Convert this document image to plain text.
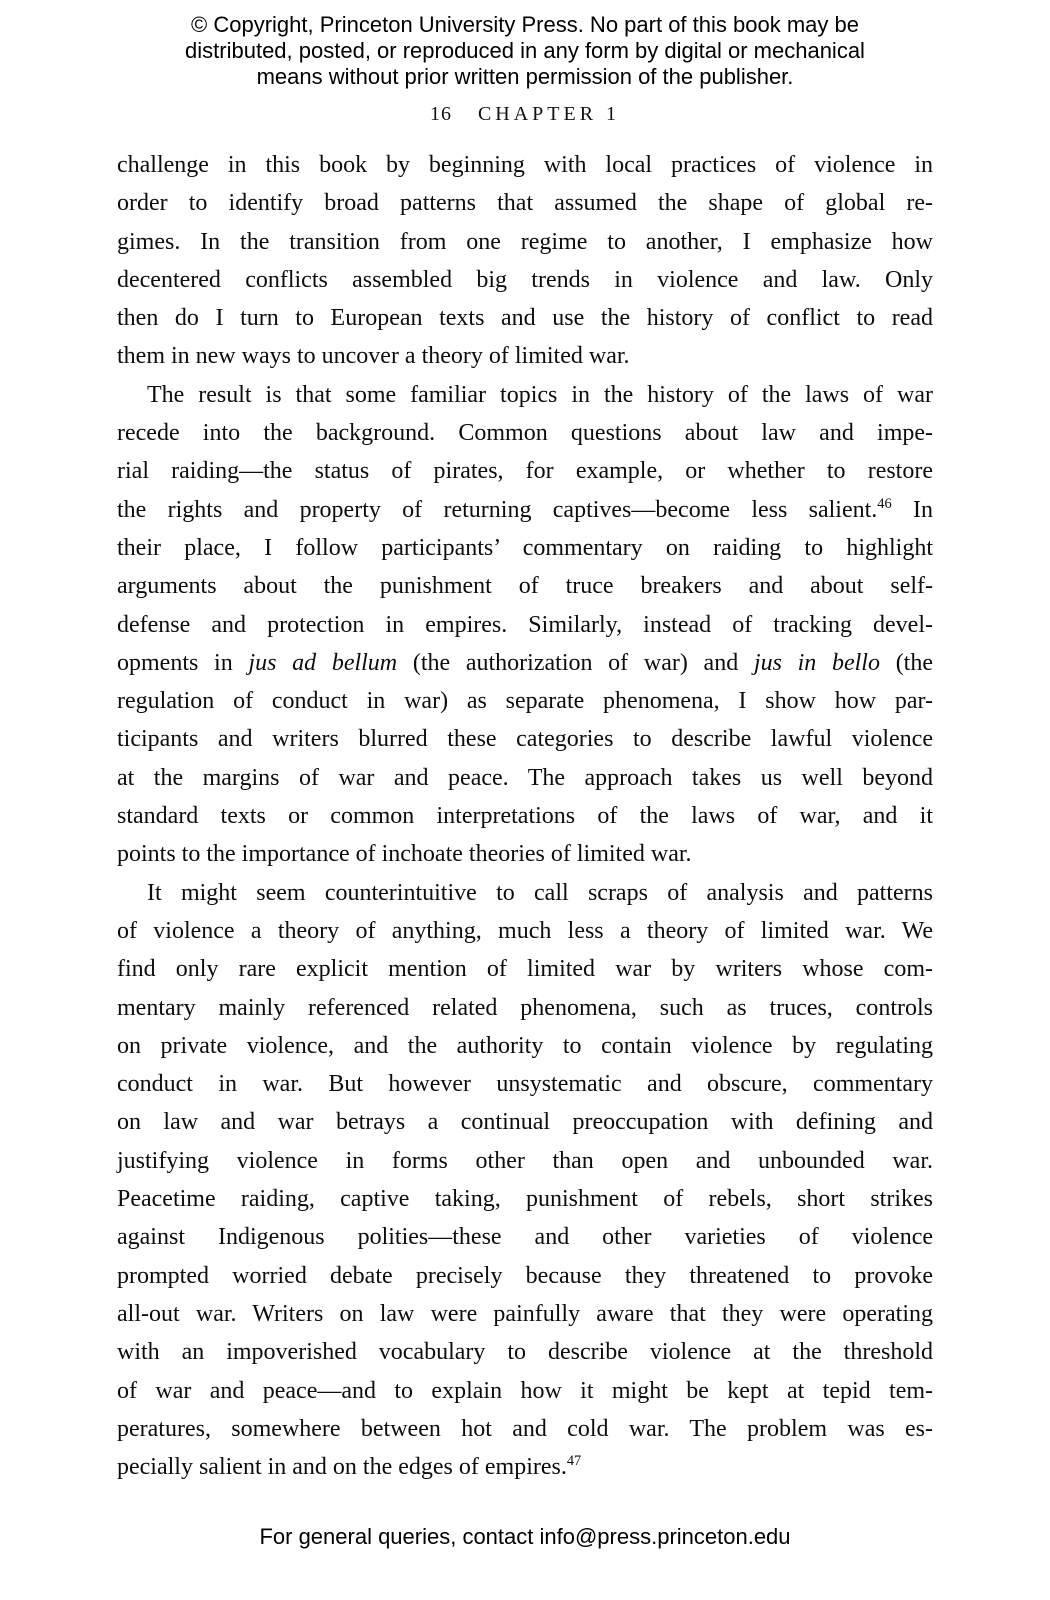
© Copyright, Princeton University Press. No part of this book may be
distributed, posted, or reproduced in any form by digital or mechanical
means without prior written permission of the publisher.
16 CHAPTER 1
challenge in this book by beginning with local practices of violence in
order to identify broad patterns that assumed the shape of global re-
gimes. In the transition from one regime to another, I emphasize how
decentered conflicts assembled big trends in violence and law. Only
then do I turn to European texts and use the history of conflict to read
them in new ways to uncover a theory of limited war.
The result is that some familiar topics in the history of the laws of war
recede into the background. Common questions about law and impe-
rial raiding—the status of pirates, for example, or whether to restore
the rights and property of returning captives—become less salient.$^{46}$ In
their place, I follow participants’ commentary on raiding to highlight
arguments about the punishment of truce breakers and about self-
defense and protection in empires. Similarly, instead of tracking devel-
opments in jus ad bellum (the authorization of war) and jus in bello (the
regulation of conduct in war) as separate phenomena, I show how par-
ticipants and writers blurred these categories to describe lawful violence
at the margins of war and peace. The approach takes us well beyond
standard texts or common interpretations of the laws of war, and it
points to the importance of inchoate theories of limited war.
It might seem counterintuitive to call scraps of analysis and patterns
of violence a theory of anything, much less a theory of limited war. We
find only rare explicit mention of limited war by writers whose com-
mentary mainly referenced related phenomena, such as truces, controls
on private violence, and the authority to contain violence by regulating
conduct in war. But however unsystematic and obscure, commentary
on law and war betrays a continual preoccupation with defining and
justifying violence in forms other than open and unbounded war.
Peacetime raiding, captive taking, punishment of rebels, short strikes
against Indigenous polities—these and other varieties of violence
prompted worried debate precisely because they threatened to provoke
all-out war. Writers on law were painfully aware that they were operating
with an impoverished vocabulary to describe violence at the threshold
of war and peace—and to explain how it might be kept at tepid tem-
peratures, somewhere between hot and cold war. The problem was es-
pecially salient in and on the edges of empires.$^{47}$
For general queries, contact info@press.princeton.edu
